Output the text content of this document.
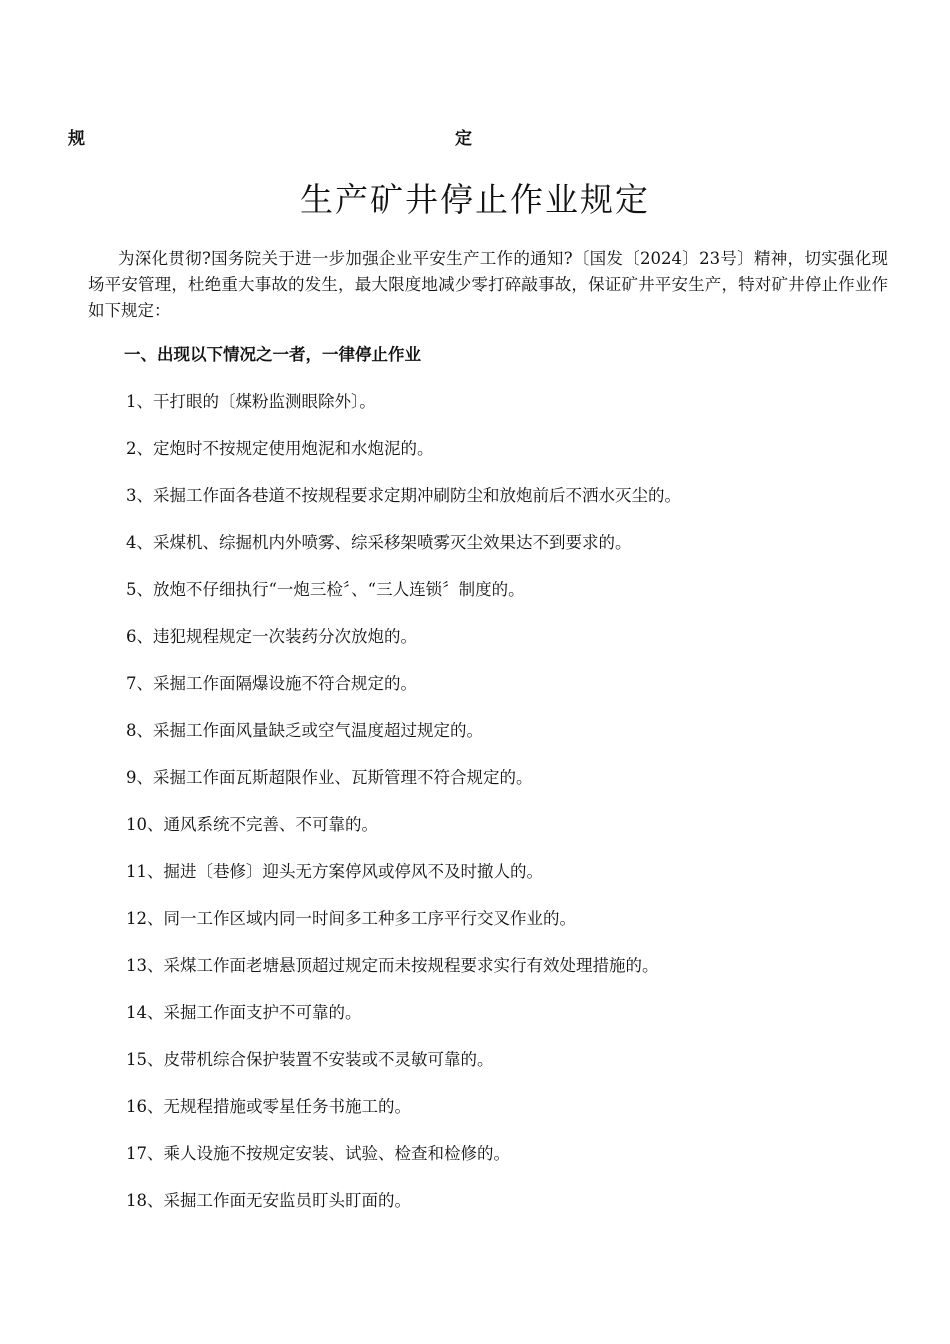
规	定
生产矿井停止作业规定

为深化贯彻?国务院关于进一步加强企业平安生产工作的通知?〔国发〔2024〕23号〕精神，切实强化现场平安管理，杜绝重大事故的发生，最大限度地减少零打碎敲事故，保证矿井平安生产，特对矿井停止作业作如下规定：

一、出现以下情况之一者，一律停止作业
1、干打眼的〔煤粉监测眼除外〕。
2、定炮时不按规定使用炮泥和水炮泥的。
3、采掘工作面各巷道不按规程要求定期冲刷防尘和放炮前后不洒水灭尘的。
4、采煤机、综掘机内外喷雾、综采移架喷雾灭尘效果达不到要求的。
5、放炮不仔细执行“一炮三检〞、“三人连锁〞制度的。
6、违犯规程规定一次装药分次放炮的。
7、采掘工作面隔爆设施不符合规定的。
8、采掘工作面风量缺乏或空气温度超过规定的。
9、采掘工作面瓦斯超限作业、瓦斯管理不符合规定的。
10、通风系统不完善、不可靠的。
11、掘进〔巷修〕迎头无方案停风或停风不及时撤人的。
12、同一工作区域内同一时间多工种多工序平行交叉作业的。
13、采煤工作面老塘悬顶超过规定而未按规程要求实行有效处理措施的。
14、采掘工作面支护不可靠的。
15、皮带机综合保护装置不安装或不灵敏可靠的。
16、无规程措施或零星任务书施工的。
17、乘人设施不按规定安装、试验、检查和检修的。
18、采掘工作面无安监员盯头盯面的。
